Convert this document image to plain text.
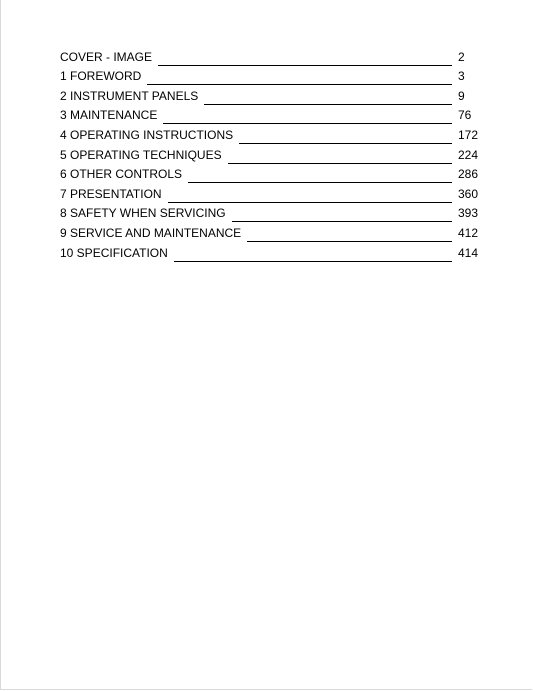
COVER - IMAGE	2
1 FOREWORD	3
2 INSTRUMENT PANELS	9
3 MAINTENANCE	76
4 OPERATING INSTRUCTIONS	172
5 OPERATING TECHNIQUES	224
6 OTHER CONTROLS	286
7 PRESENTATION	360
8 SAFETY WHEN SERVICING	393
9 SERVICE AND MAINTENANCE	412
10 SPECIFICATION	414
